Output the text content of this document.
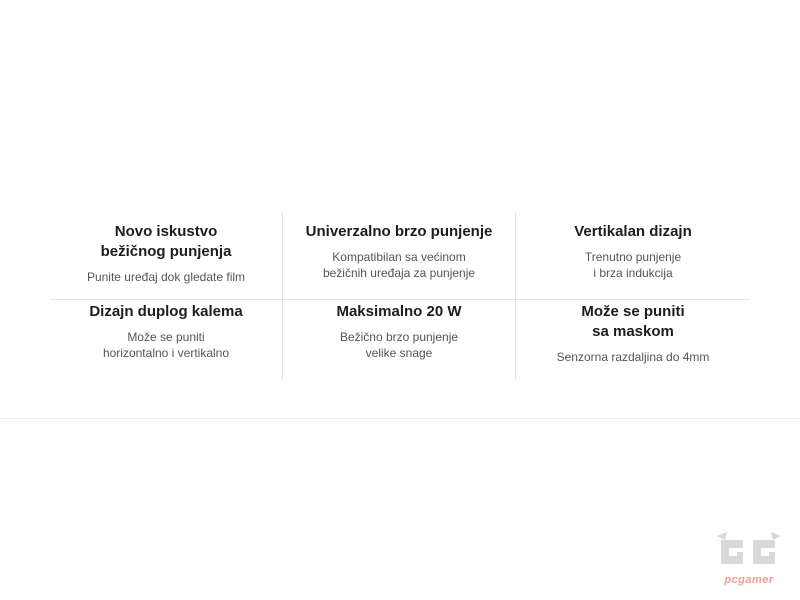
Novo iskustvo
bežičnog punjenja
Punite uređaj dok gledate film
Univerzalno brzo punjenje
Kompatibilan sa većinom
bežičnih uređaja za punjenje
Vertikalan dizajn
Trenutno punjenje
i brza indukcija
Dizajn duplog kalema
Može se puniti
horizontalno i vertikalno
Maksimalno 20 W
Bežično brzo punjenje
velike snage
Može se puniti
sa maskom
Senzorna razdaljina do 4mm
pcgamer
